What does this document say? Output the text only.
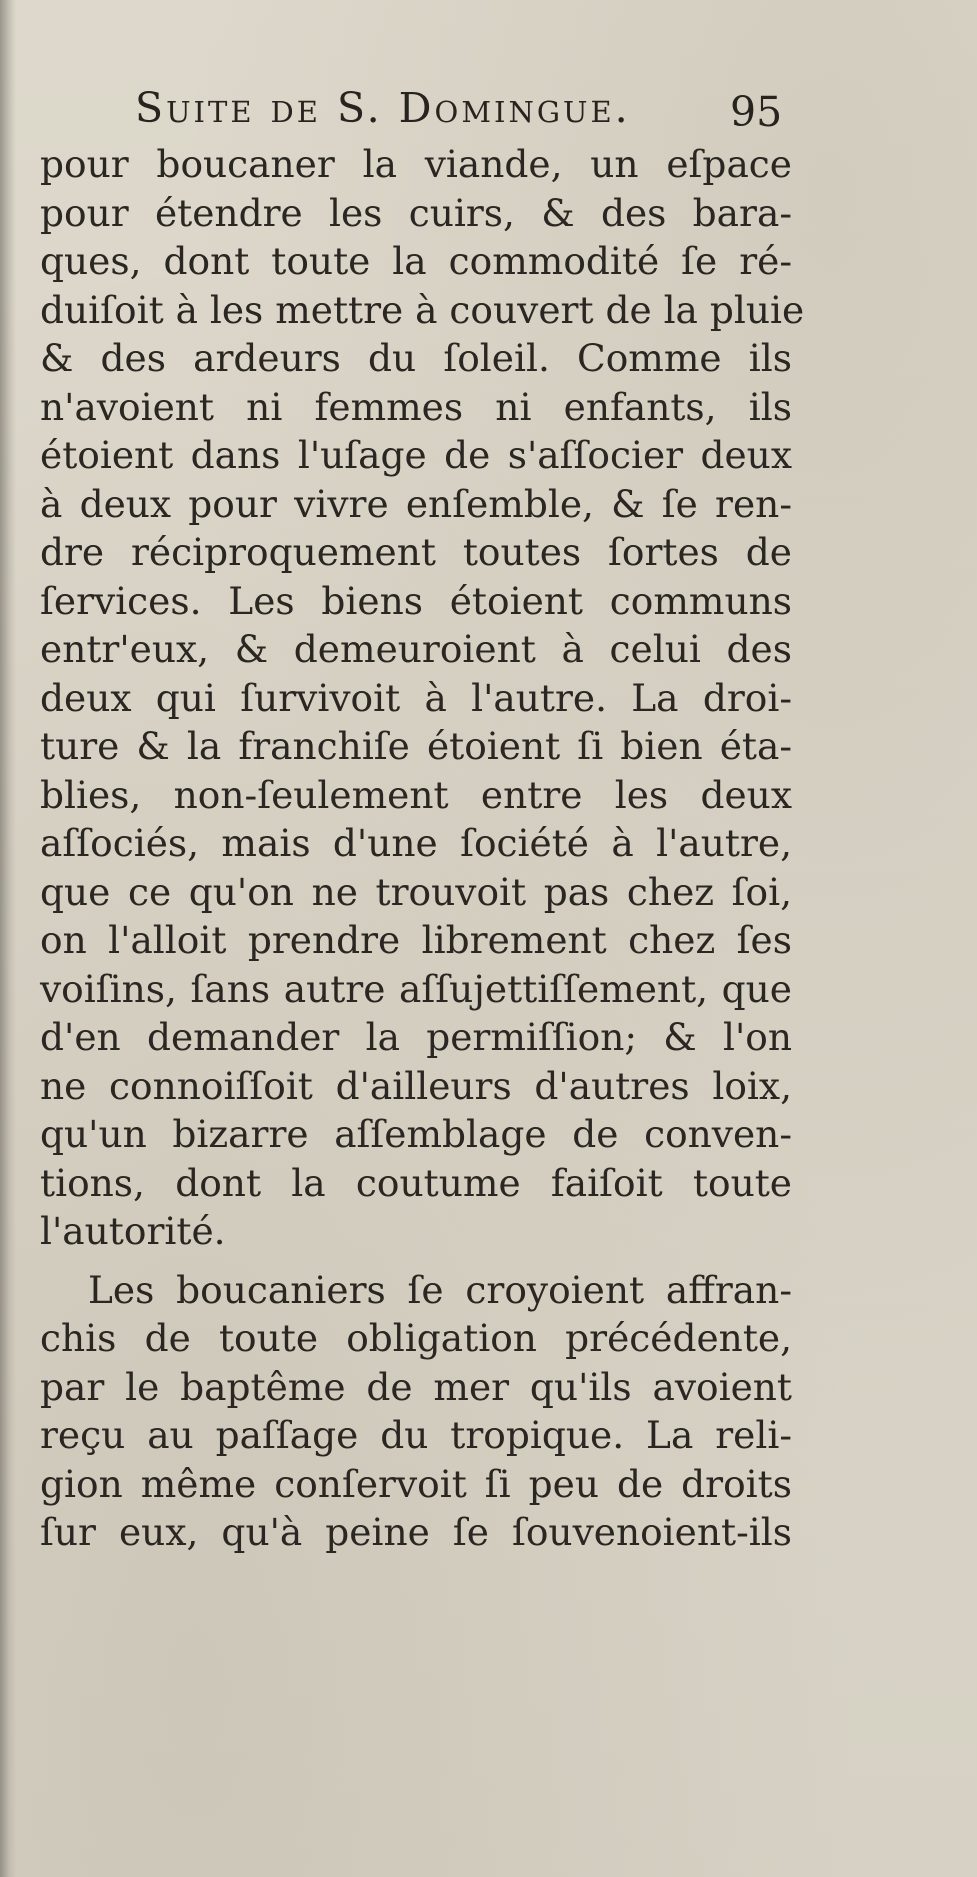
Suite de S. Domingue. 95
pour boucaner la viande, un eſpace
pour étendre les cuirs, & des bara-
ques, dont toute la commodité ſe ré-
duiſoit à les mettre à couvert de la pluie
& des ardeurs du ſoleil. Comme ils
n'avoient ni femmes ni enfants, ils
étoient dans l'uſage de s'aſſocier deux
à deux pour vivre enſemble, & ſe ren-
dre réciproquement toutes ſortes de
ſervices. Les biens étoient communs
entr'eux, & demeuroient à celui des
deux qui ſurvivoit à l'autre. La droi-
ture & la franchiſe étoient ſi bien éta-
blies, non-ſeulement entre les deux
aſſociés, mais d'une ſociété à l'autre,
que ce qu'on ne trouvoit pas chez ſoi,
on l'alloit prendre librement chez ſes
voiſins, ſans autre aſſujettiſſement, que
d'en demander la permiſſion; & l'on
ne connoiſſoit d'ailleurs d'autres loix,
qu'un bizarre aſſemblage de conven-
tions, dont la coutume faiſoit toute
l'autorité.
Les boucaniers ſe croyoient affran-
chis de toute obligation précédente,
par le baptême de mer qu'ils avoient
reçu au paſſage du tropique. La reli-
gion même conſervoit ſi peu de droits
ſur eux, qu'à peine ſe ſouvenoient-ils
